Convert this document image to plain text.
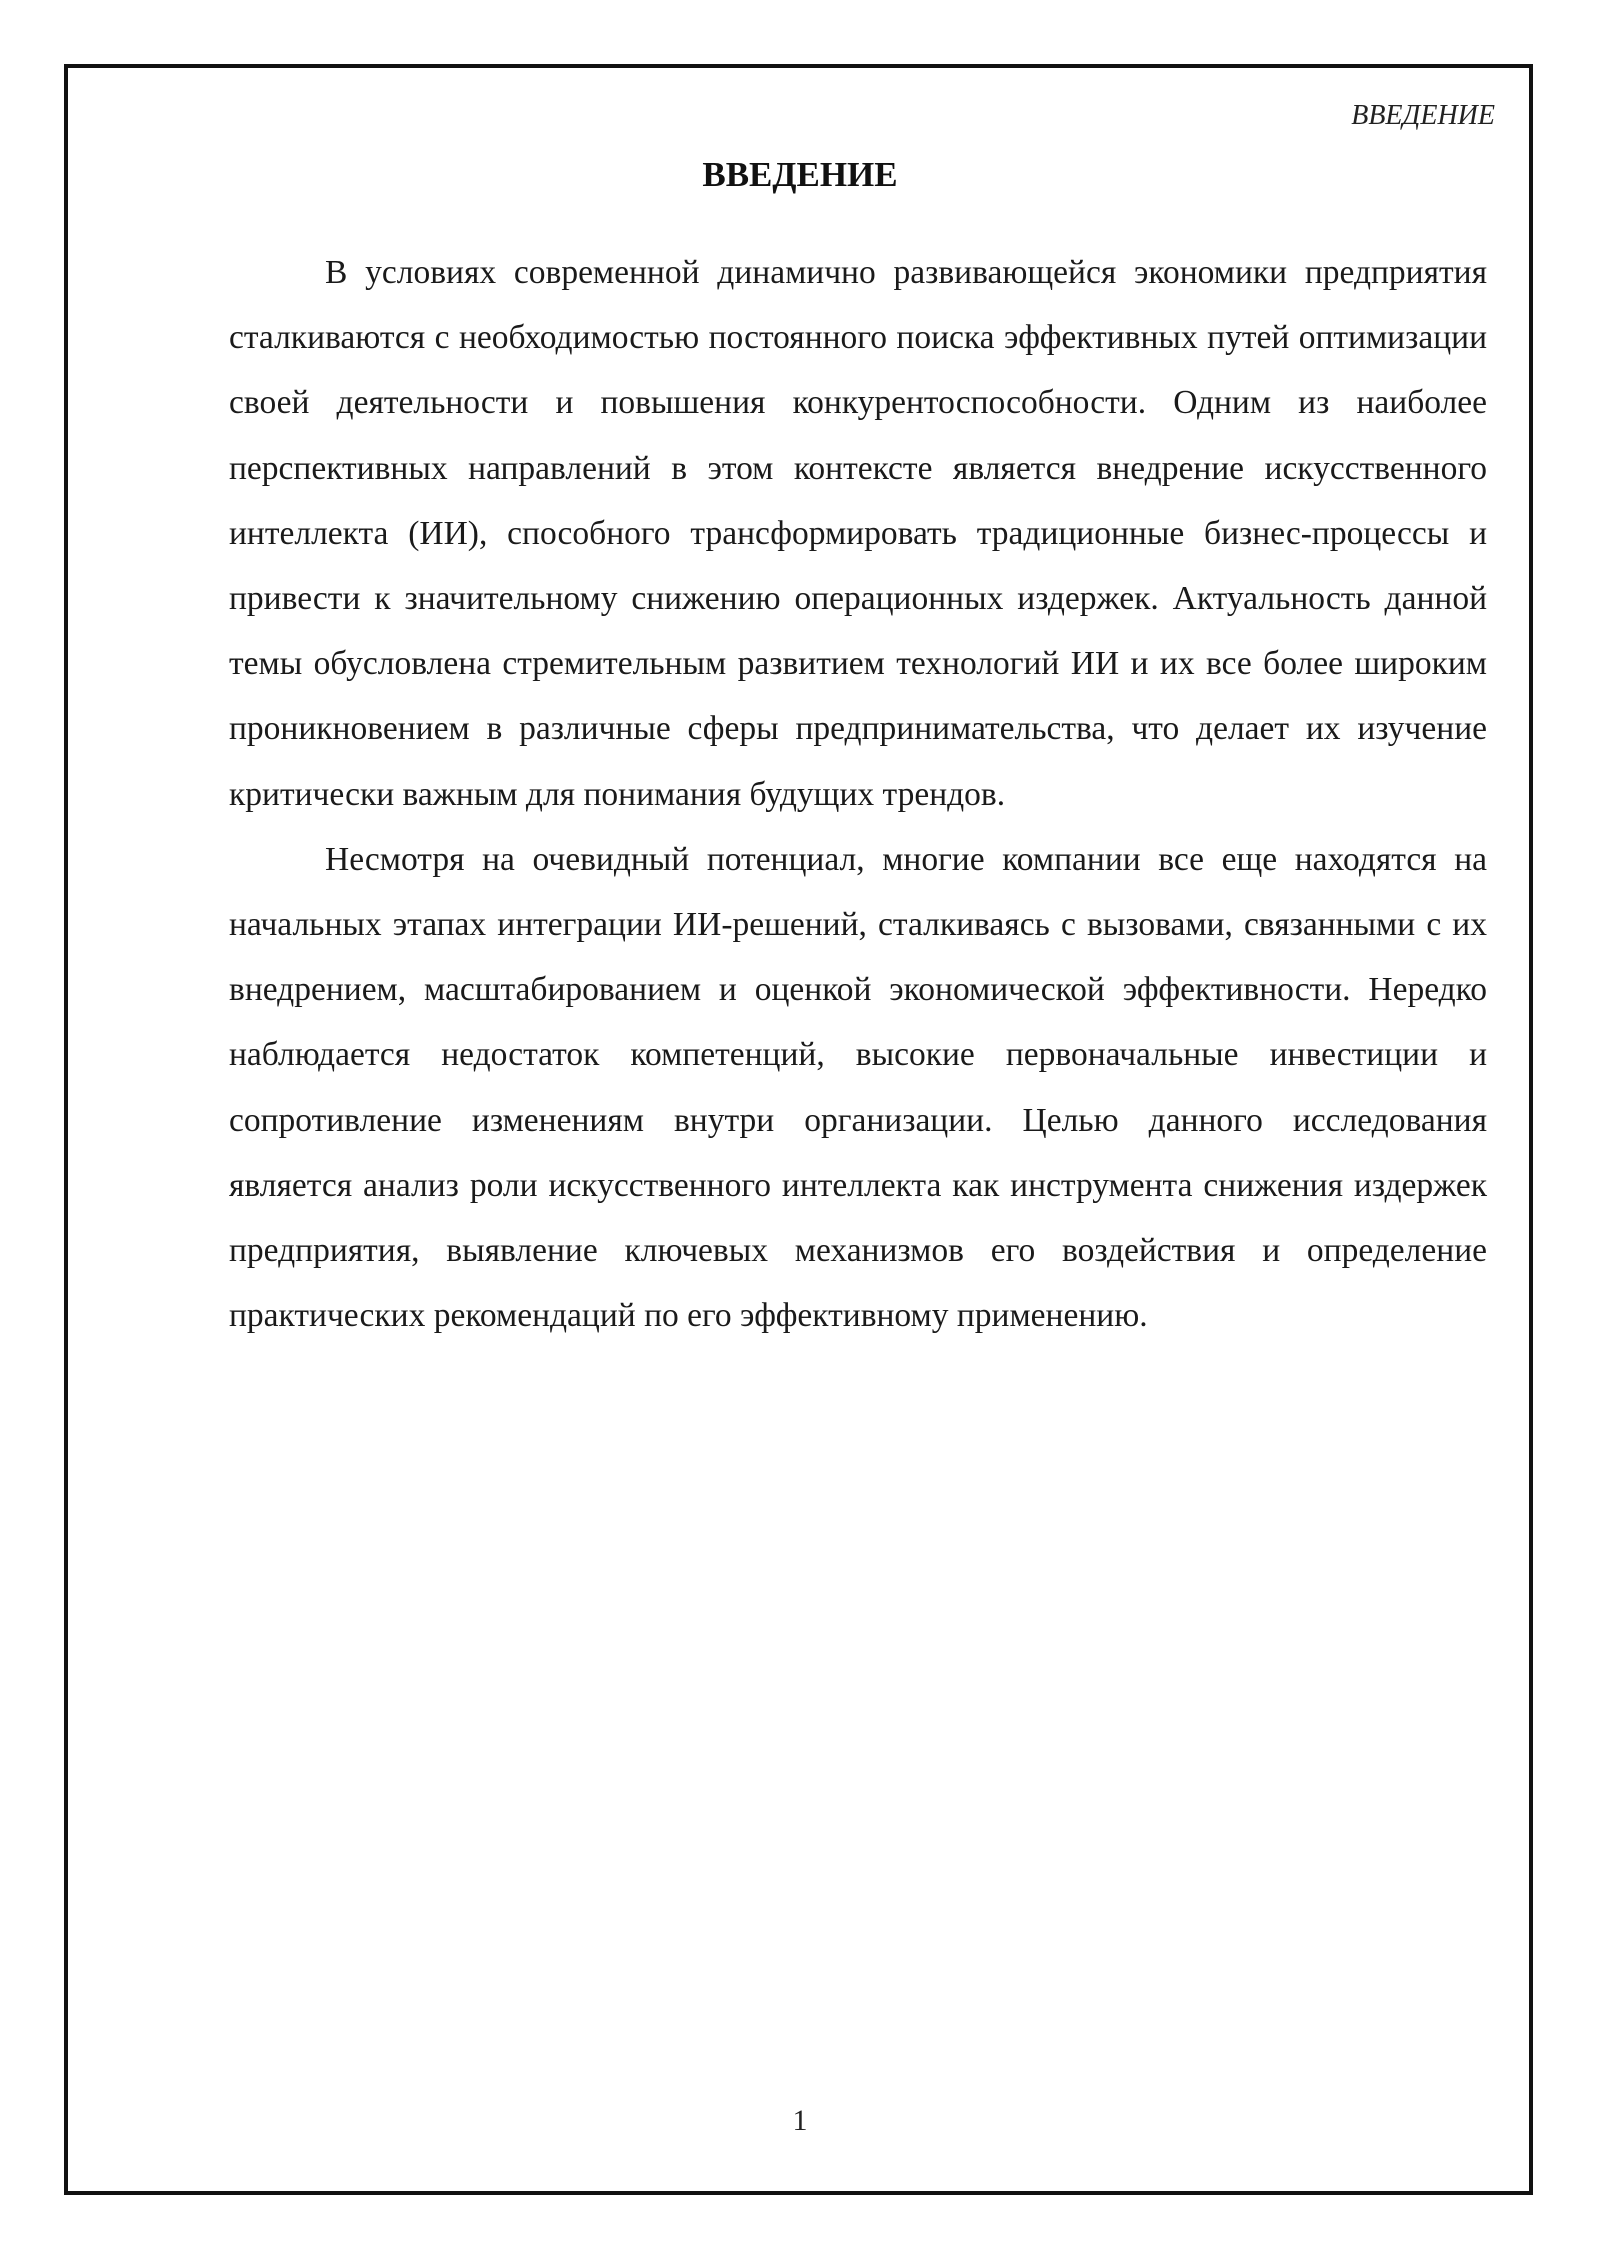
ВВЕДЕНИЕ
ВВЕДЕНИЕ

В условиях современной динамично развивающейся экономики предприятия сталкиваются с необходимостью постоянного поиска эффективных путей оптимизации своей деятельности и повышения конкурентоспособности. Одним из наиболее перспективных направлений в этом контексте является внедрение искусственного интеллекта (ИИ), способного трансформировать традиционные бизнес-процессы и привести к значительному снижению операционных издержек. Актуальность данной темы обусловлена стремительным развитием технологий ИИ и их все более широким проникновением в различные сферы предпринимательства, что делает их изучение критически важным для понимания будущих трендов.

Несмотря на очевидный потенциал, многие компании все еще находятся на начальных этапах интеграции ИИ-решений, сталкиваясь с вызовами, связанными с их внедрением, масштабированием и оценкой экономической эффективности. Нередко наблюдается недостаток компетенций, высокие первоначальные инвестиции и сопротивление изменениям внутри организации. Целью данного исследования является анализ роли искусственного интеллекта как инструмента снижения издержек предприятия, выявление ключевых механизмов его воздействия и определение практических рекомендаций по его эффективному применению.

1
